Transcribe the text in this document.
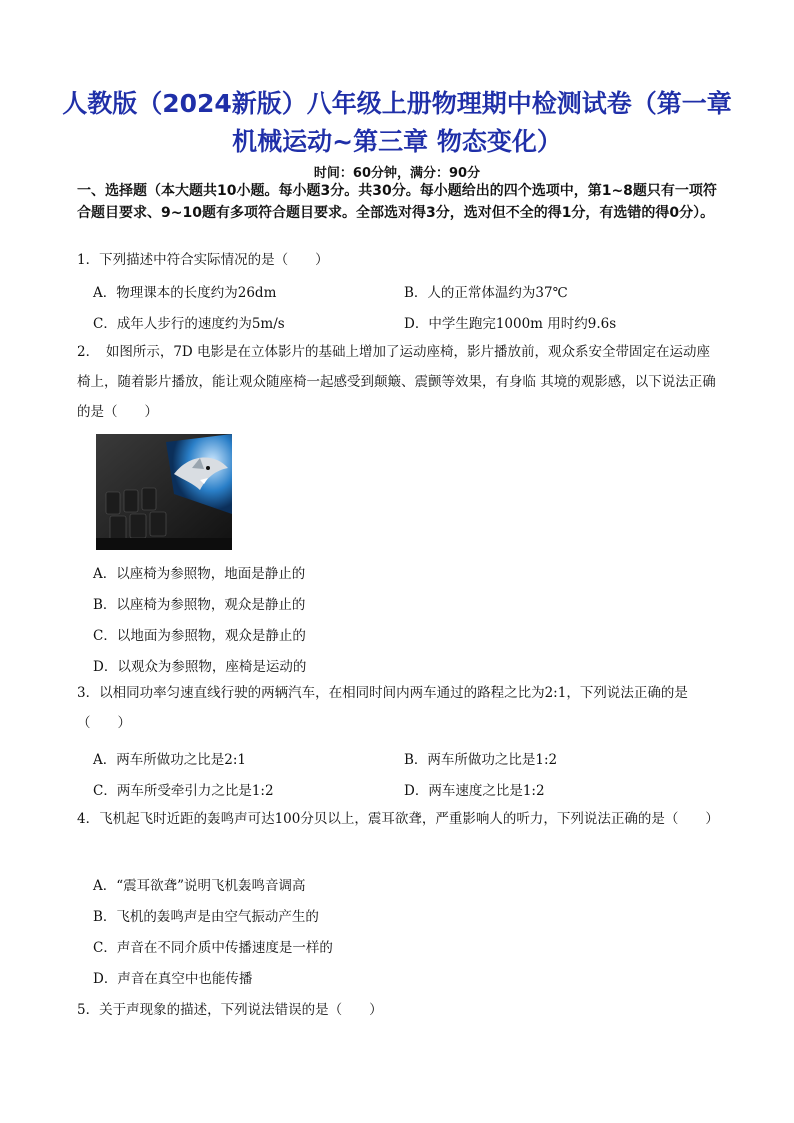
人教版（2024新版）八年级上册物理期中检测试卷（第一章
机械运动~第三章 物态变化）
时间：60分钟，满分：90分
一、选择题（本大题共10小题。每小题3分。共30分。每小题给出的四个选项中，第1~8题只有一项符合题目要求、9~10题有多项符合题目要求。全部选对得3分，选对但不全的得1分，有选错的得0分）。
1．下列描述中符合实际情况的是（　　）
A．物理课本的长度约为26dm	B．人的正常体温约为37℃
C．成年人步行的速度约为5m/s	D．中学生跑完1000m 用时约9.6s
2．　如图所示，7D 电影是在立体影片的基础上增加了运动座椅，影片播放前，观众系安全带固定在运动座椅上，随着影片播放，能让观众随座椅一起感受到颠簸、震颤等效果，有身临 其境的观影感，以下说法正确的是（　　）
A．以座椅为参照物，地面是静止的
B．以座椅为参照物，观众是静止的
C．以地面为参照物，观众是静止的
D．以观众为参照物，座椅是运动的
3．以相同功率匀速直线行驶的两辆汽车，在相同时间内两车通过的路程之比为2:1，下列说法正确的是（　　）
A．两车所做功之比是2:1	B．两车所做功之比是1:2
C．两车所受牵引力之比是1:2	D．两车速度之比是1:2
4．飞机起飞时近距的轰鸣声可达100分贝以上，震耳欲聋，严重影响人的听力，下列说法正确的是（　　）
A．“震耳欲聋”说明飞机轰鸣音调高
B．飞机的轰鸣声是由空气振动产生的
C．声音在不同介质中传播速度是一样的
D．声音在真空中也能传播
5．关于声现象的描述，下列说法错误的是（　　）
